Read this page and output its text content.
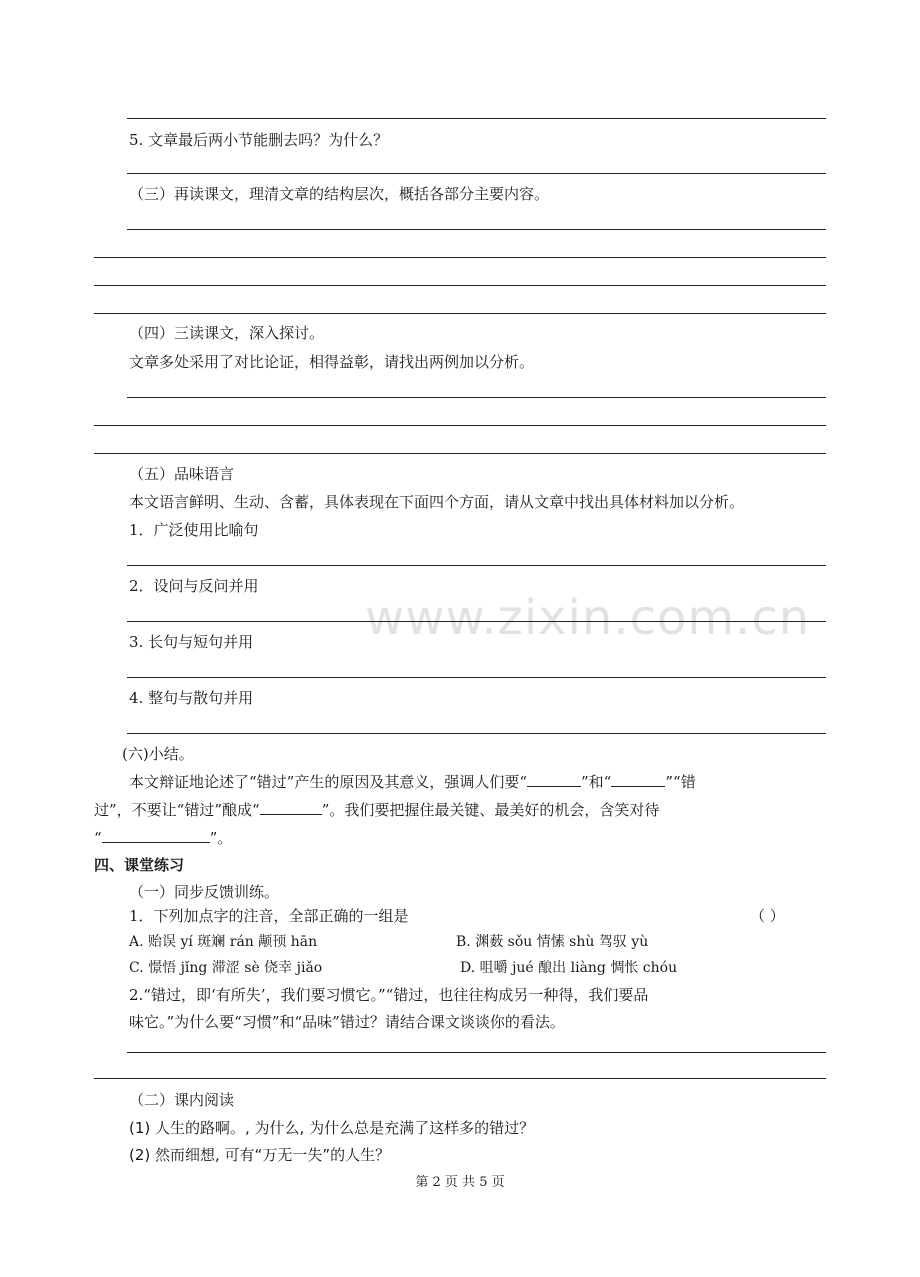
www.zixin.com.cn
5. 文章最后两小节能删去吗？为什么？
（三）再读课文，理清文章的结构层次，概括各部分主要内容。
（四）三读课文，深入探讨。
文章多处采用了对比论证，相得益彰，请找出两例加以分析。
（五）品味语言
本文语言鲜明、生动、含蓄，具体表现在下面四个方面，请从文章中找出具体材料加以分析。
1．广泛使用比喻句
2．设问与反问并用
3. 长句与短句并用
4. 整句与散句并用
(六)小结。
本文辩证地论述了“错过”产生的原因及其意义，强调人们要“	”和“	”“错
过”，不要让“错过”酿成“	”。我们要把握住最关键、最美好的机会，含笑对待
“	”。
四、课堂练习
（一）同步反馈训练。
1．下列加点字的注音，全部正确的一组是	（ ）
A. 贻误 yí 斑斓 rán 颟顸 hān	B. 渊薮 sǒu 情愫 shù 驾驭 yù
C. 憬悟 jǐng 滞涩 sè 侥幸 jiǎo	D. 咀嚼 jué 酿出 liàng 惆怅 chóu
2.“错过，即‘有所失’，我们要习惯它。”“错过，也往往构成另一种得，我们要品
味它。”为什么要“习惯”和“品味”错过？请结合课文谈谈你的看法。
（二）课内阅读
(1) 人生的路啊。, 为什么, 为什么总是充满了这样多的错过？
(2) 然而细想, 可有“万无一失”的人生？
第 2 页 共 5 页
